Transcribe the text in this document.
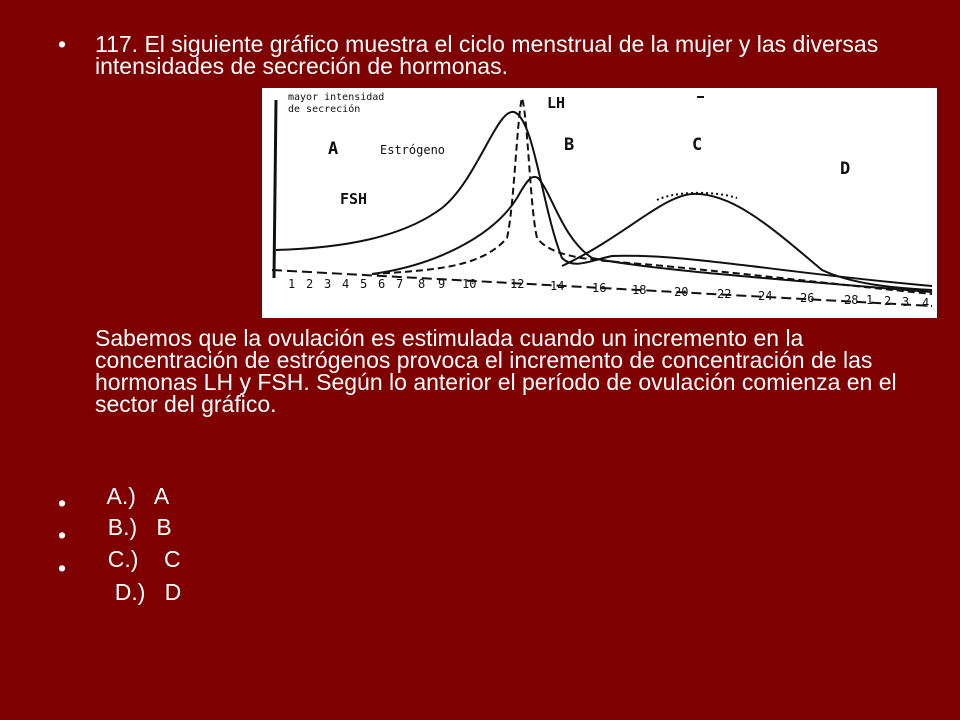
• 117. El siguiente gráfico muestra el ciclo menstrual de la mujer y las diversas intensidades de secreción de hormonas.
mayor intensidad
de secreción
A	Estrógeno
FSH
LH
B	C
D
1 2 3 4 5 6 7 8 9 10	12 14 16 18 20 22 24 26 28 1 2 3 4
Sabemos que la ovulación es estimulada cuando un incremento en la concentración de estrógenos provoca el incremento de concentración de las hormonas LH y FSH. Según lo anterior el período de ovulación comienza en el sector del gráfico.

A.) A

•

B.) B

•

C.) C

•

D.) D
